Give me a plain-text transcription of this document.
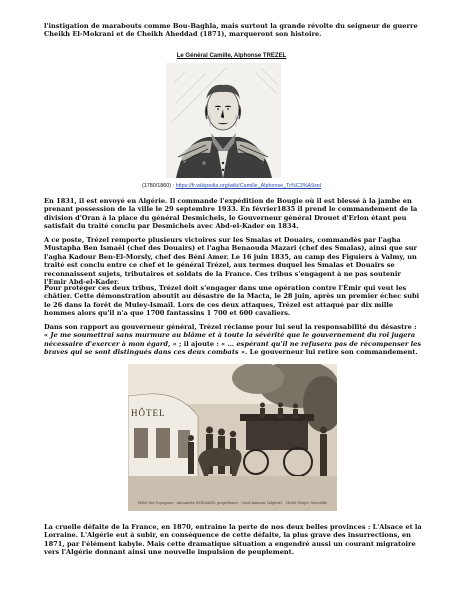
l'instigation de marabouts comme Bou-Baghla, mais surtout la grande révolte du seigneur de guerre Cheikh El-Mokrani et de Cheikh Aheddad (1871), marqueront son histoire.

Le Général Camille, Alphonse TREZEL
(1780/1860) : https://fr.wikipedia.org/wiki/Camille_Alphonse_Tr%C3%A9zel

En 1831, il est envoyé en Algérie. Il commande l'expédition de Bougie où il est blessé à la jambe en prenant possession de la ville le 29 septembre 1933. En février1835 il prend le commandement de la division d'Oran à la place du général Desmichels, le Gouverneur général Drouet d'Erlon étant peu satisfait du traité conclu par Desmichels avec Abd-el-Kader en 1834.

A ce poste, Trézel remporte plusieurs victoires sur les Smalas et Douairs, commandés par l'agha Mustapha Ben Ismaël (chef des Douairs) et l'agha Benaouda Mazari (chef des Smalas), ainsi que sur l'agha Kadour Ben-El-Morsly, chef des Béni Amer. Le 16 juin 1835, au camp des Figuiers à Valmy, un traité est conclu entre ce chef et le général Trézel, aux termes duquel les Smalas et Douairs se reconnaissent sujets, tributaires et soldats de la France. Ces tribus s'engagent à ne pas soutenir l'Emir Abd-el-Kader.

Pour protéger ces deux tribus, Trézel doit s'engager dans une opération contre l'Émir qui veut les châtier. Cette démonstration aboutit au désastre de la Macta, le 28 juin, après un premier échec subi le 26 dans la forêt de Muley-Ismaïl. Lors de ces deux attaques, Trézel est attaqué par dix mille hommes alors qu'il n'a que 1700 fantassins 1 700 et 600 cavaliers.

Dans son rapport au gouverneur général, Trézel réclame pour lui seul la responsabilité du désastre : « Je me soumettrai sans murmure au blâme et à toute la sévérité que le gouvernement du roi jugera nécessaire d'exercer à mon égard, » ; il ajoute : « … espérant qu'il ne refusera pas de récompenser les braves qui se sont distingués dans ces deux combats ». Le gouverneur lui retire son commandement.

HÔTEL
Hôtel des Voyageurs - Antoinette WIDMANN, propriétaire - Oued-Amizour (Algérie) Cliché Geiger, Marseille

La cruelle défaite de la France, en 1870, entraine la perte de nos deux belles provinces : L'Alsace et la Lorraine. L'Algérie eut à subir, en conséquence de cette défaite, la plus grave des insurrections, en 1871, par l'élément kabyle. Mais cette dramatique situation a engendré aussi un courant migratoire vers l'Algérie donnant ainsi une nouvelle impulsion de peuplement.
